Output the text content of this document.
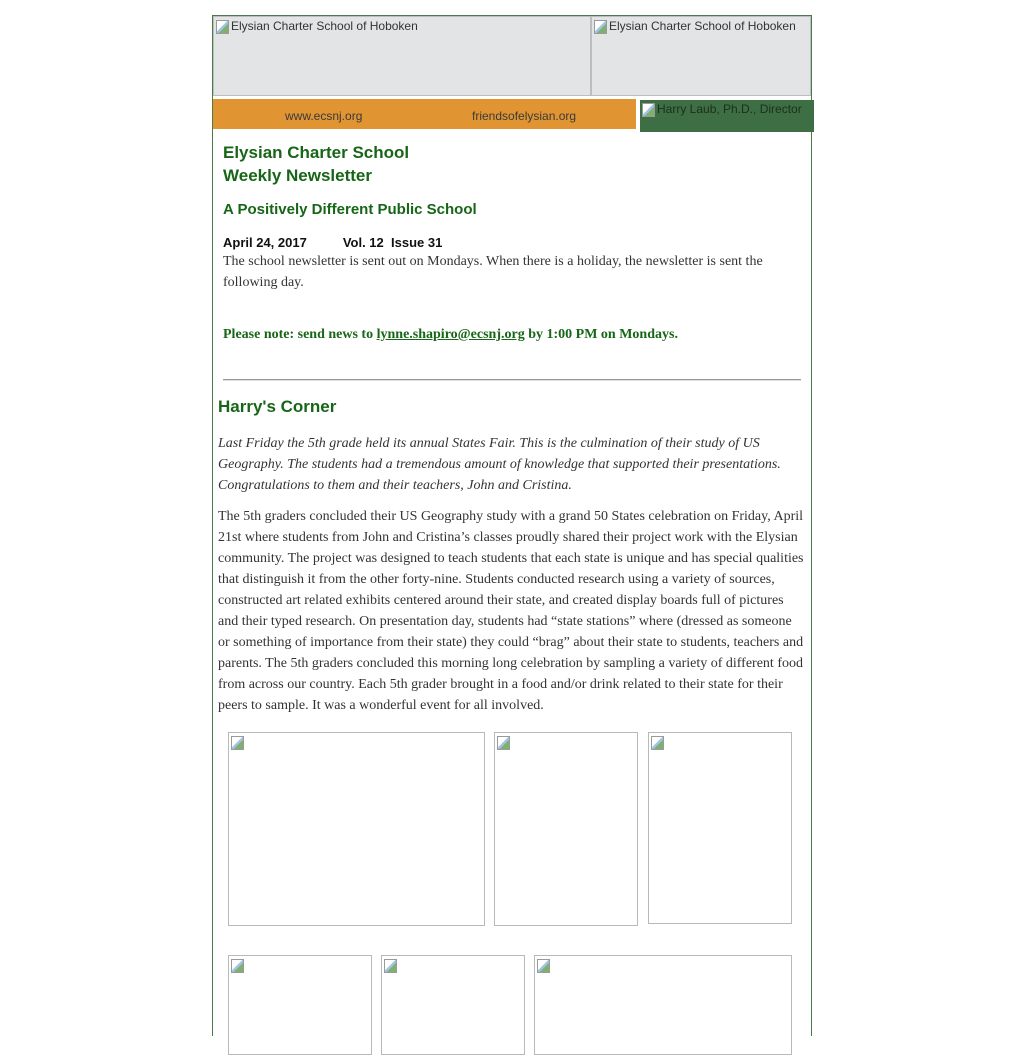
Elysian Charter School of Hoboken	Elysian Charter School of Hoboken
www.ecsnj.org	friendsofelysian.org	Harry Laub, Ph.D., Director
Elysian Charter School
Weekly Newsletter
A Positively Different Public School
April 24, 2017	Vol. 12  Issue 31
The school newsletter is sent out on Mondays. When there is a holiday, the newsletter is sent the following day.
Please note: send news to lynne.shapiro@ecsnj.org by 1:00 PM on Mondays.
Harry's Corner
Last Friday the 5th grade held its annual States Fair. This is the culmination of their study of US Geography. The students had a tremendous amount of knowledge that supported their presentations. Congratulations to them and their teachers, John and Cristina.
The 5th graders concluded their US Geography study with a grand 50 States celebration on Friday, April 21st where students from John and Cristina’s classes proudly shared their project work with the Elysian community. The project was designed to teach students that each state is unique and has special qualities that distinguish it from the other forty-nine. Students conducted research using a variety of sources, constructed art related exhibits centered around their state, and created display boards full of pictures and their typed research. On presentation day, students had “state stations” where (dressed as someone or something of importance from their state) they could “brag” about their state to students, teachers and parents. The 5th graders concluded this morning long celebration by sampling a variety of different food from across our country. Each 5th grader brought in a food and/or drink related to their state for their peers to sample. It was a wonderful event for all involved.
